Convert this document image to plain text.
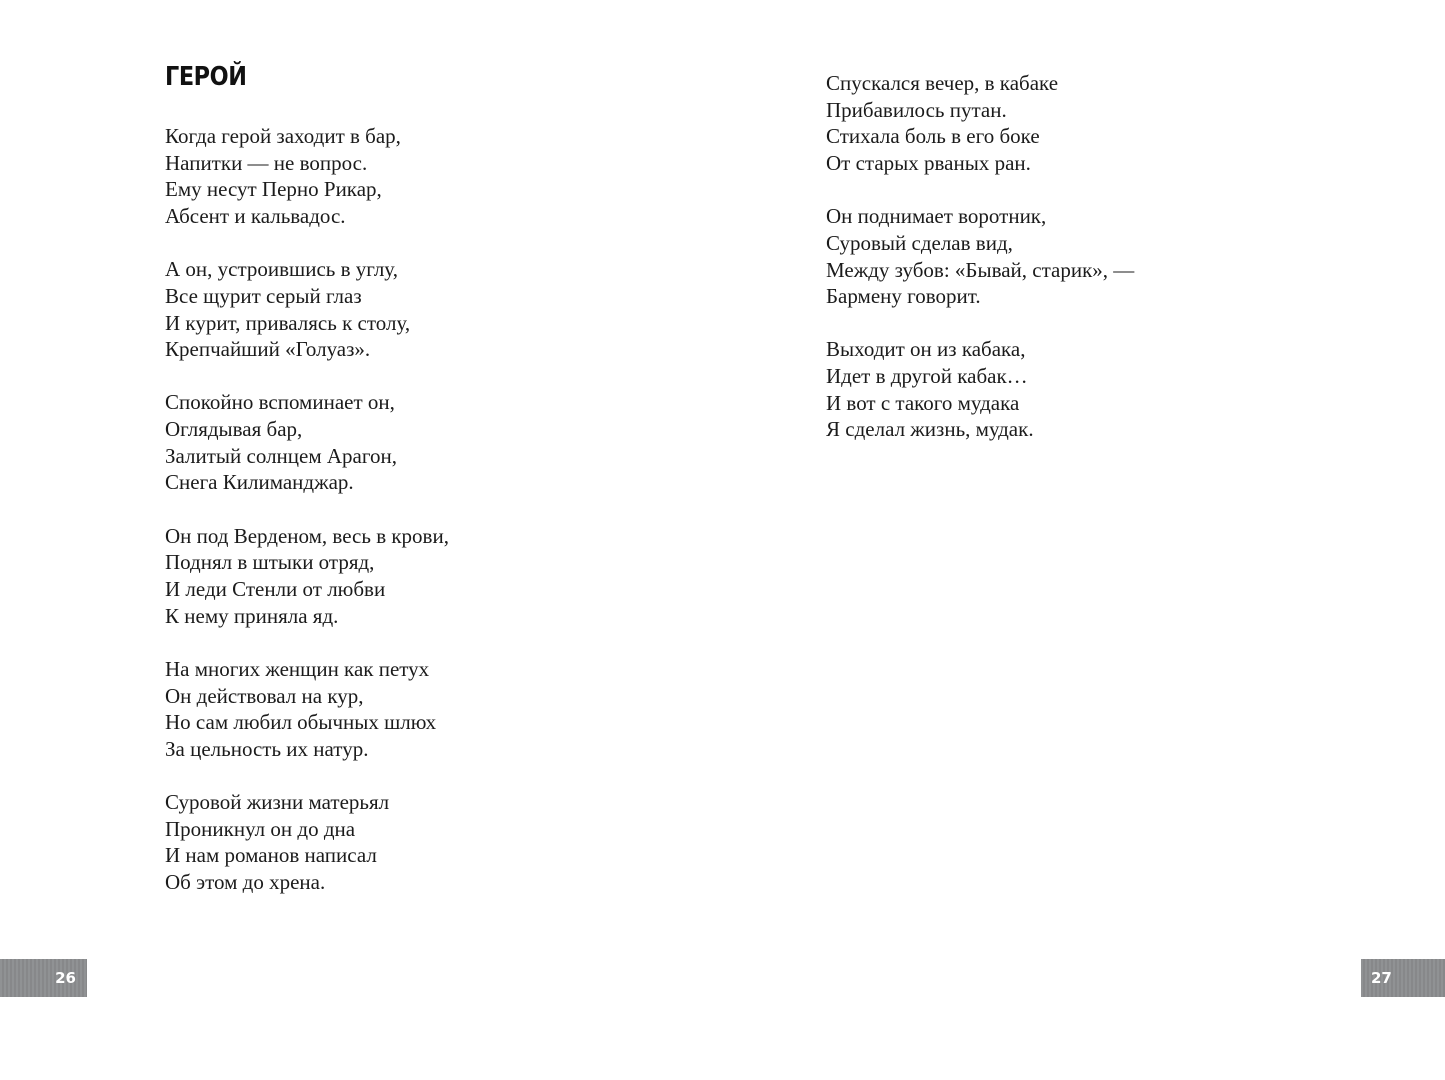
ГЕРОЙ

Когда герой заходит в бар,
Напитки — не вопрос.
Ему несут Перно Рикар,
Абсент и кальвадос.

А он, устроившись в углу,
Все щурит серый глаз
И курит, привалясь к столу,
Крепчайший «Голуаз».

Спокойно вспоминает он,
Оглядывая бар,
Залитый солнцем Арагон,
Снега Килиманджар.

Он под Верденом, весь в крови,
Поднял в штыки отряд,
И леди Стенли от любви
К нему приняла яд.

На многих женщин как петух
Он действовал на кур,
Но сам любил обычных шлюх
За цельность их натур.

Суровой жизни матерьял
Проникнул он до дна
И нам романов написал
Об этом до хрена.

26

Спускался вечер, в кабаке
Прибавилось путан.
Стихала боль в его боке
От старых рваных ран.

Он поднимает воротник,
Суровый сделав вид,
Между зубов: «Бывай, старик», —
Бармену говорит.

Выходит он из кабака,
Идет в другой кабак…
И вот с такого мудака
Я сделал жизнь, мудак.

27
